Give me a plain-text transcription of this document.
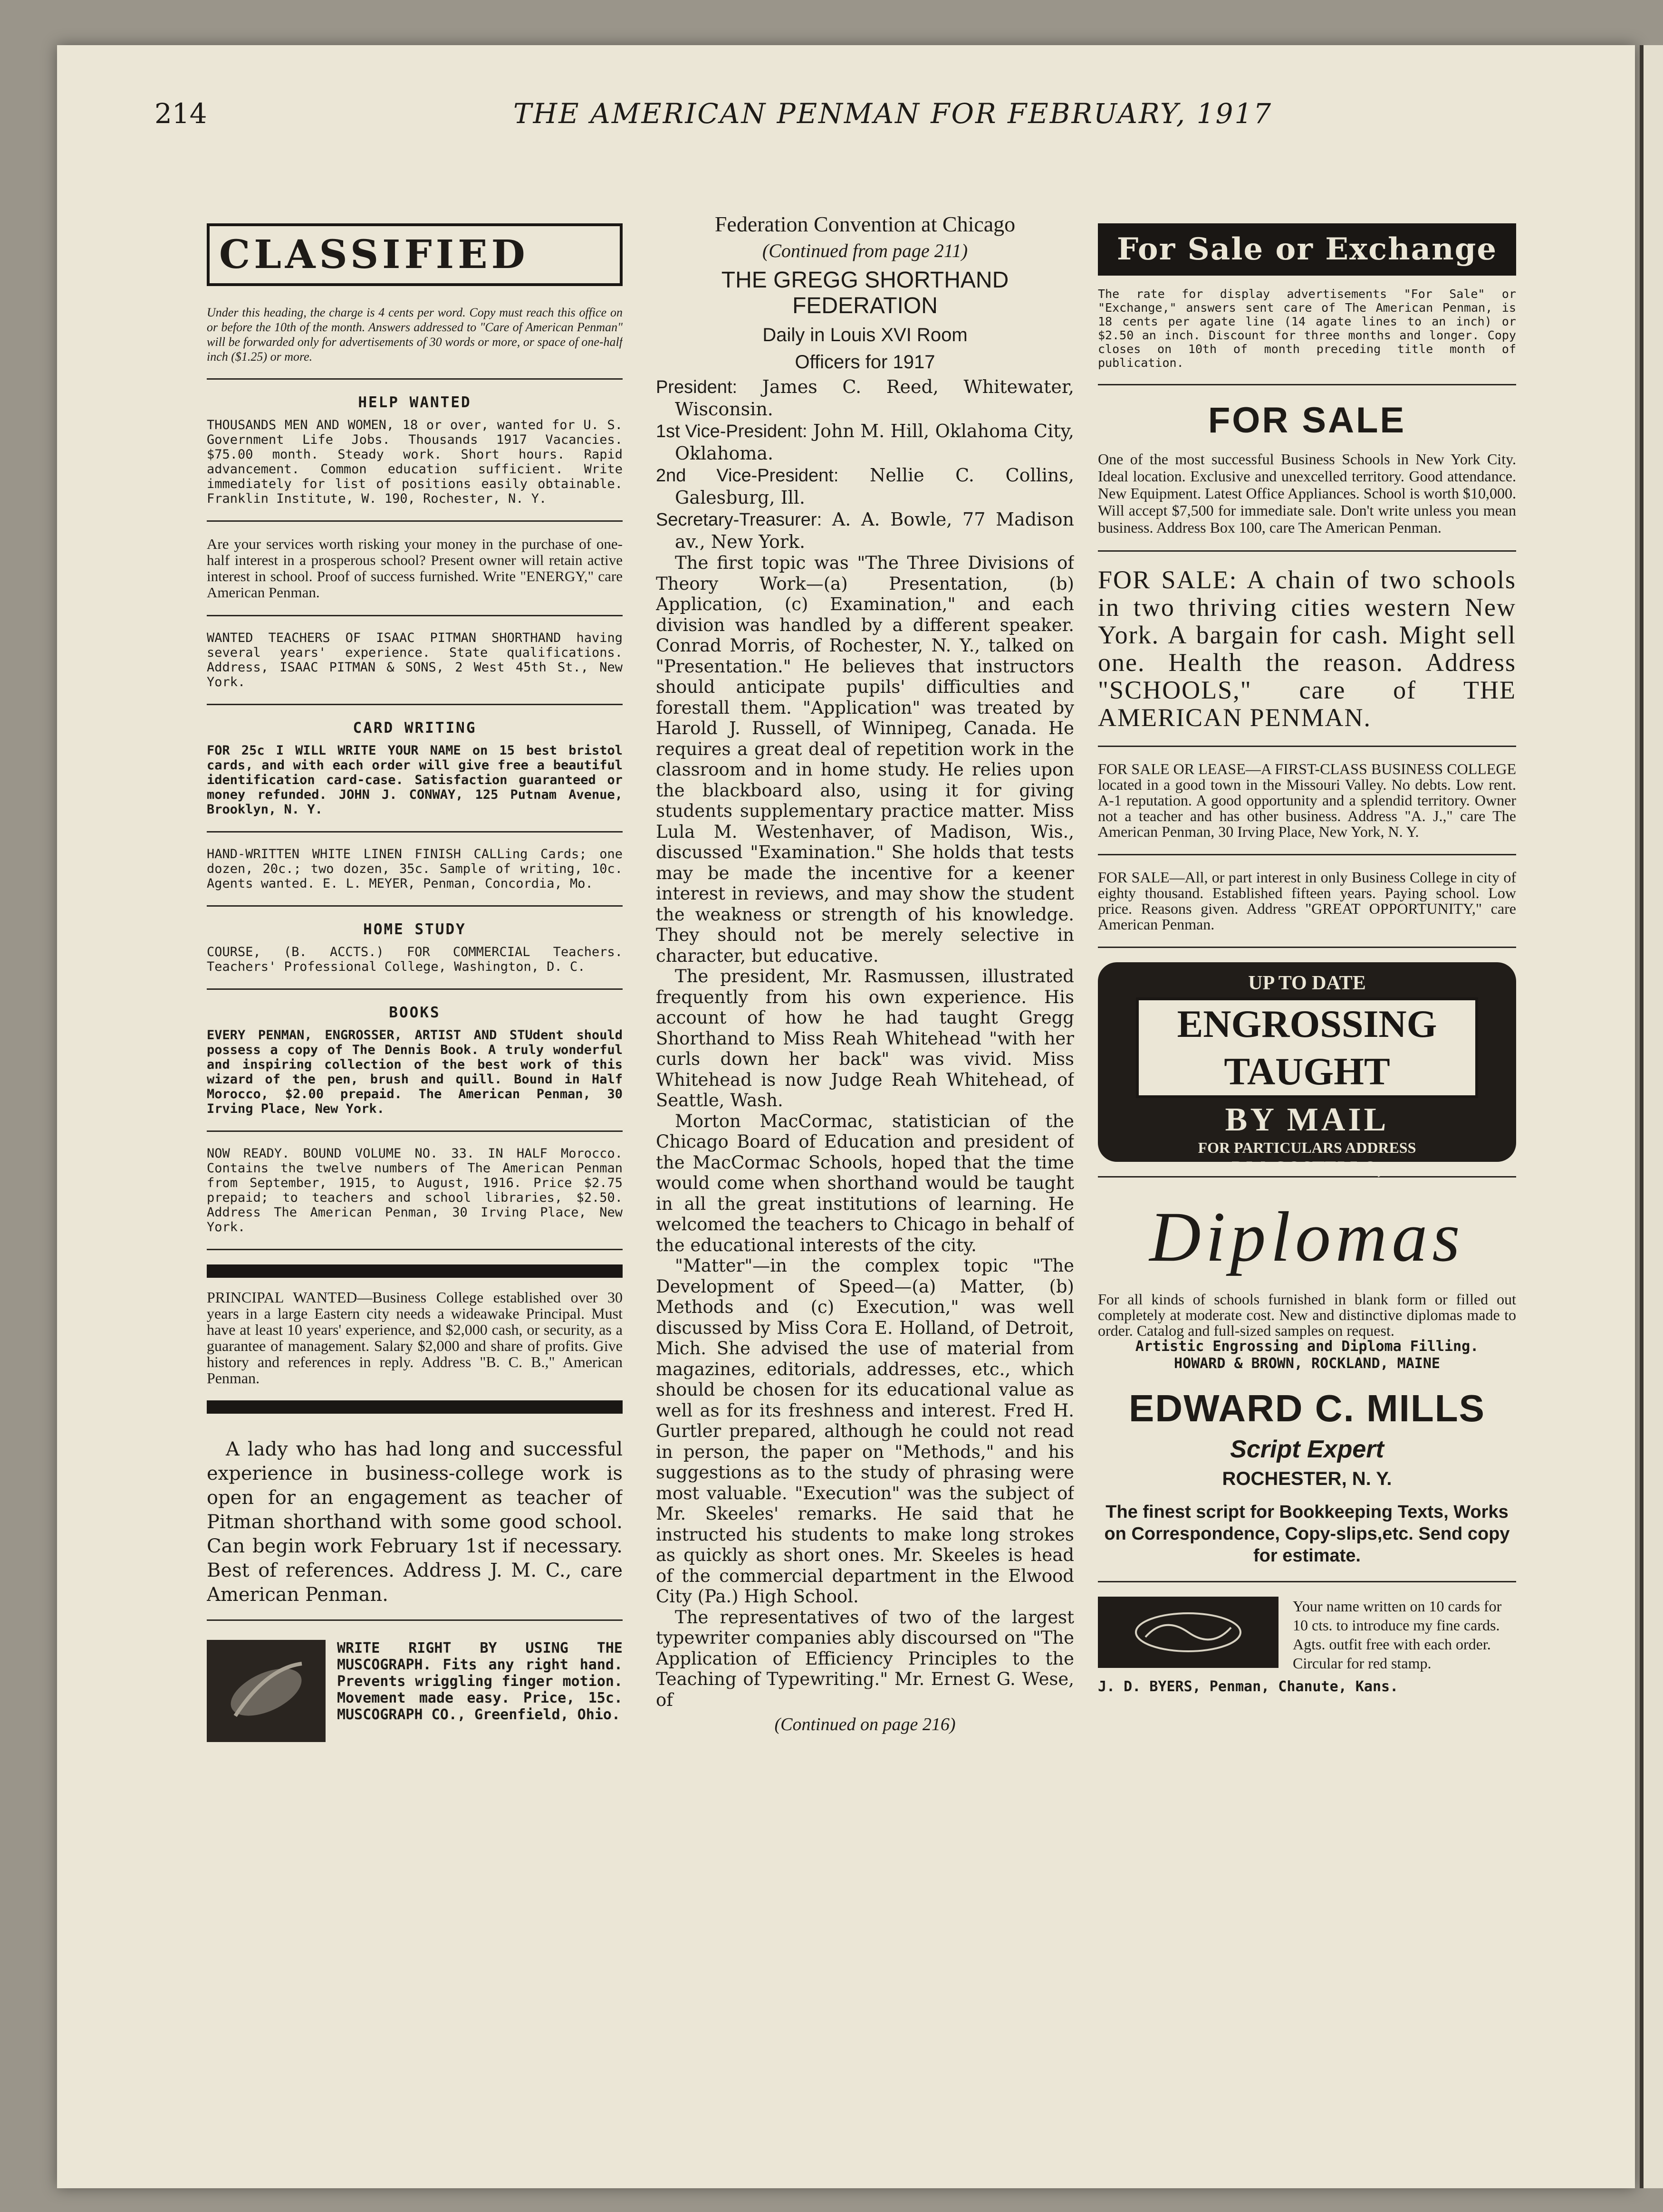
214	THE AMERICAN PENMAN FOR FEBRUARY, 1917
CLASSIFIED

Under this heading, the charge is 4 cents per word. Copy must reach this office on or before the 10th of the month. Answers addressed to "Care of American Penman" will be forwarded only for advertisements of 30 words or more, or space of one-half inch ($1.25) or more.

HELP WANTED

THOUSANDS MEN AND WOMEN, 18 or over, wanted for U. S. Government Life Jobs. Thousands 1917 Vacancies. $75.00 month. Steady work. Short hours. Rapid advancement. Common education sufficient. Write immediately for list of positions easily obtainable. Franklin Institute, W. 190, Rochester, N. Y.

Are your services worth risking your money in the purchase of one-half interest in a prosperous school? Present owner will retain active interest in school. Proof of success furnished. Write "ENERGY," care American Penman.

WANTED TEACHERS OF ISAAC PITMAN SHORTHAND having several years' experience. State qualifications. Address, ISAAC PITMAN & SONS, 2 West 45th St., New York.

CARD WRITING

FOR 25c I WILL WRITE YOUR NAME on 15 best bristol cards, and with each order will give free a beautiful identification card-case. Satisfaction guaranteed or money refunded. JOHN J. CONWAY, 125 Putnam Avenue, Brooklyn, N. Y.

HAND-WRITTEN WHITE LINEN FINISH CALLing Cards; one dozen, 20c.; two dozen, 35c. Sample of writing, 10c. Agents wanted. E. L. MEYER, Penman, Concordia, Mo.

HOME STUDY

COURSE, (B. ACCTS.) FOR COMMERCIAL Teachers. Teachers' Professional College, Washington, D. C.

BOOKS

EVERY PENMAN, ENGROSSER, ARTIST AND STUdent should possess a copy of The Dennis Book. A truly wonderful and inspiring collection of the best work of this wizard of the pen, brush and quill. Bound in Half Morocco, $2.00 prepaid. The American Penman, 30 Irving Place, New York.

NOW READY. BOUND VOLUME NO. 33. IN HALF Morocco. Contains the twelve numbers of The American Penman from September, 1915, to August, 1916. Price $2.75 prepaid; to teachers and school libraries, $2.50. Address The American Penman, 30 Irving Place, New York.

PRINCIPAL WANTED—Business College established over 30 years in a large Eastern city needs a wideawake Principal. Must have at least 10 years' experience, and $2,000 cash, or security, as a guarantee of management. Salary $2,000 and share of profits. Give history and references in reply. Address "B. C. B.," American Penman.

A lady who has had long and successful experience in business-college work is open for an engagement as teacher of Pitman shorthand with some good school. Can begin work February 1st if necessary. Best of references. Address J. M. C., care American Penman.

WRITE RIGHT BY USING THE MUSCOGRAPH. Fits any right hand. Prevents wriggling finger motion. Movement made easy. Price, 15c. MUSCOGRAPH CO., Greenfield, Ohio.

Federation Convention at Chicago
(Continued from page 211)
THE GREGG SHORTHAND FEDERATION
Daily in Louis XVI Room
Officers for 1917

President: James C. Reed, Whitewater, Wisconsin.

1st Vice-President: John M. Hill, Oklahoma City, Oklahoma.

2nd Vice-President: Nellie C. Collins, Galesburg, Ill.

Secretary-Treasurer: A. A. Bowle, 77 Madison av., New York.

The first topic was "The Three Divisions of Theory Work—(a) Presentation, (b) Application, (c) Examination," and each division was handled by a different speaker. Conrad Morris, of Rochester, N. Y., talked on "Presentation." He believes that instructors should anticipate pupils' difficulties and forestall them. "Application" was treated by Harold J. Russell, of Winnipeg, Canada. He requires a great deal of repetition work in the classroom and in home study. He relies upon the blackboard also, using it for giving students supplementary practice matter. Miss Lula M. Westenhaver, of Madison, Wis., discussed "Examination." She holds that tests may be made the incentive for a keener interest in reviews, and may show the student the weakness or strength of his knowledge. They should not be merely selective in character, but educative.

The president, Mr. Rasmussen, illustrated frequently from his own experience. His account of how he had taught Gregg Shorthand to Miss Reah Whitehead "with her curls down her back" was vivid. Miss Whitehead is now Judge Reah Whitehead, of Seattle, Wash.

Morton MacCormac, statistician of the Chicago Board of Education and president of the MacCormac Schools, hoped that the time would come when shorthand would be taught in all the great institutions of learning. He welcomed the teachers to Chicago in behalf of the educational interests of the city.

"Matter"—in the complex topic "The Development of Speed—(a) Matter, (b) Methods and (c) Execution," was well discussed by Miss Cora E. Holland, of Detroit, Mich. She advised the use of material from magazines, editorials, addresses, etc., which should be chosen for its educational value as well as for its freshness and interest. Fred H. Gurtler prepared, although he could not read in person, the paper on "Methods," and his suggestions as to the study of phrasing were most valuable. "Execution" was the subject of Mr. Skeeles' remarks. He said that he instructed his students to make long strokes as quickly as short ones. Mr. Skeeles is head of the commercial department in the Elwood City (Pa.) High School.

The representatives of two of the largest typewriter companies ably discoursed on "The Application of Efficiency Principles to the Teaching of Typewriting." Mr. Ernest G. Wese, of

(Continued on page 216)
For Sale or Exchange

The rate for display advertisements "For Sale" or "Exchange," answers sent care of The American Penman, is 18 cents per agate line (14 agate lines to an inch) or $2.50 an inch. Discount for three months and longer. Copy closes on 10th of month preceding title month of publication.

FOR SALE

One of the most successful Business Schools in New York City. Ideal location. Exclusive and unexcelled territory. Good attendance. New Equipment. Latest Office Appliances. School is worth $10,000. Will accept $7,500 for immediate sale. Don't write unless you mean business. Address Box 100, care The American Penman.

FOR SALE: A chain of two schools in two thriving cities western New York. A bargain for cash. Might sell one. Health the reason. Address "SCHOOLS," care of THE AMERICAN PENMAN.

FOR SALE OR LEASE—A FIRST-CLASS BUSINESS COLLEGE located in a good town in the Missouri Valley. No debts. Low rent. A-1 reputation. A good opportunity and a splendid territory. Owner not a teacher and has other business. Address "A. J.," care The American Penman, 30 Irving Place, New York, N. Y.

FOR SALE—All, or part interest in only Business College in city of eighty thousand. Established fifteen years. Paying school. Low price. Reasons given. Address "GREAT OPPORTUNITY," care American Penman.

UP TO DATE
ENGROSSING TAUGHT
BY MAIL
FOR PARTICULARS ADDRESS
P.W. COSTELLO,
SCRANTON, PA.
Diplomas

For all kinds of schools furnished in blank form or filled out completely at moderate cost. New and distinctive diplomas made to order. Catalog and full-sized samples on request.

Artistic Engrossing and Diploma Filling.
HOWARD & BROWN, ROCKLAND, MAINE
EDWARD C. MILLS
Script Expert
ROCHESTER, N. Y.

The finest script for Bookkeeping Texts, Works on Correspondence, Copy-slips,etc. Send copy for estimate.

Your name written on 10 cards for 10 cts. to introduce my fine cards. Agts. outfit free with each order. Circular for red stamp.

J. D. BYERS, Penman, Chanute, Kans.
